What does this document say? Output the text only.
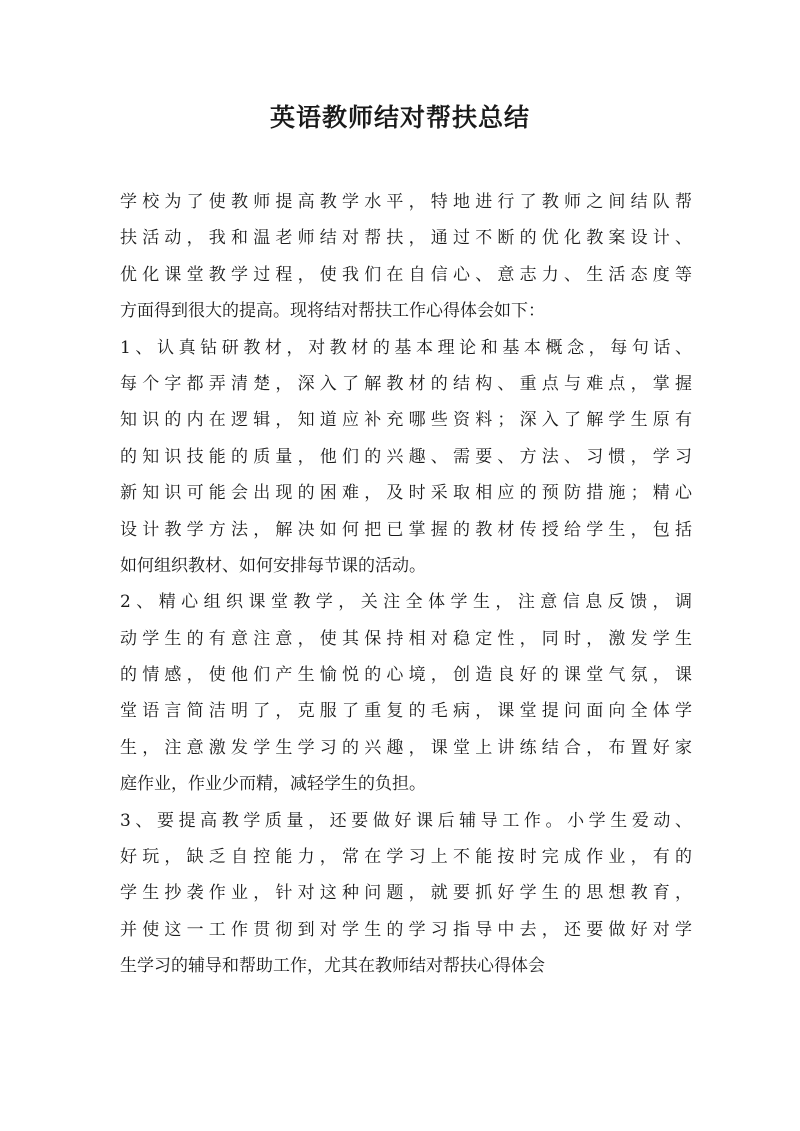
英语教师结对帮扶总结
学校为了使教师提高教学水平，特地进行了教师之间结队帮
扶活动，我和温老师结对帮扶，通过不断的优化教案设计、
优化课堂教学过程，使我们在自信心、意志力、生活态度等
方面得到很大的提高。现将结对帮扶工作心得体会如下：
1、认真钻研教材，对教材的基本理论和基本概念，每句话、
每个字都弄清楚，深入了解教材的结构、重点与难点，掌握
知识的内在逻辑，知道应补充哪些资料；深入了解学生原有
的知识技能的质量，他们的兴趣、需要、方法、习惯，学习
新知识可能会出现的困难，及时采取相应的预防措施；精心
设计教学方法，解决如何把已掌握的教材传授给学生，包括
如何组织教材、如何安排每节课的活动。
2、精心组织课堂教学，关注全体学生，注意信息反馈，调
动学生的有意注意，使其保持相对稳定性，同时，激发学生
的情感，使他们产生愉悦的心境，创造良好的课堂气氛，课
堂语言简洁明了，克服了重复的毛病，课堂提问面向全体学
生，注意激发学生学习的兴趣，课堂上讲练结合，布置好家
庭作业，作业少而精，减轻学生的负担。
3、要提高教学质量，还要做好课后辅导工作。小学生爱动、
好玩，缺乏自控能力，常在学习上不能按时完成作业，有的
学生抄袭作业，针对这种问题，就要抓好学生的思想教育，
并使这一工作贯彻到对学生的学习指导中去，还要做好对学
生学习的辅导和帮助工作，尤其在教师结对帮扶心得体会
